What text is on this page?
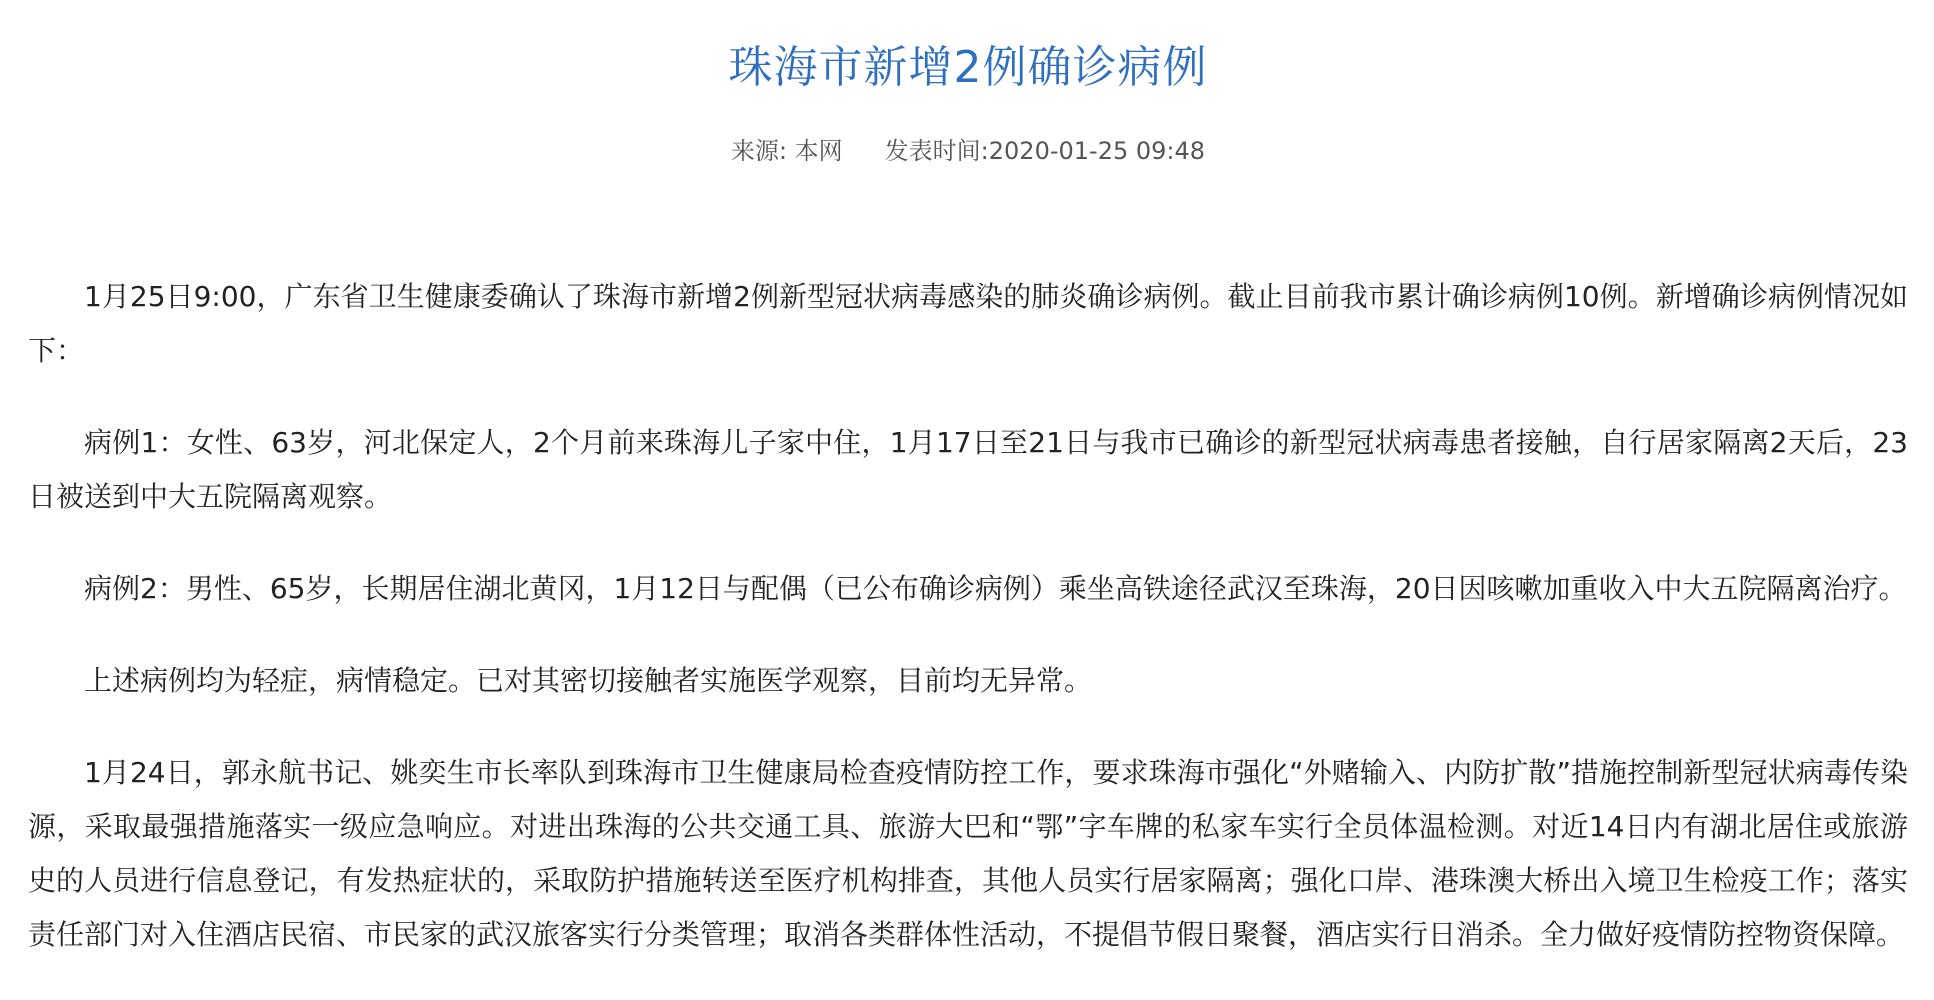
珠海市新增2例确诊病例
来源: 本网 发表时间:2020-01-25 09:48

1月25日9:00，广东省卫生健康委确认了珠海市新增2例新型冠状病毒感染的肺炎确诊病例。截止目前我市累计确诊病例10例。新增确诊病例情况如下：

病例1：女性、63岁，河北保定人，2个月前来珠海儿子家中住，1月17日至21日与我市已确诊的新型冠状病毒患者接触，自行居家隔离2天后，23日被送到中大五院隔离观察。

病例2：男性、65岁，长期居住湖北黄冈，1月12日与配偶（已公布确诊病例）乘坐高铁途径武汉至珠海，20日因咳嗽加重收入中大五院隔离治疗。

上述病例均为轻症，病情稳定。已对其密切接触者实施医学观察，目前均无异常。

1月24日，郭永航书记、姚奕生市长率队到珠海市卫生健康局检查疫情防控工作，要求珠海市强化“外赌输入、内防扩散”措施控制新型冠状病毒传染源，采取最强措施落实一级应急响应。对进出珠海的公共交通工具、旅游大巴和“鄂”字车牌的私家车实行全员体温检测。对近14日内有湖北居住或旅游史的人员进行信息登记，有发热症状的，采取防护措施转送至医疗机构排查，其他人员实行居家隔离；强化口岸、港珠澳大桥出入境卫生检疫工作；落实责任部门对入住酒店民宿、市民家的武汉旅客实行分类管理；取消各类群体性活动，不提倡节假日聚餐，酒店实行日消杀。全力做好疫情防控物资保障。
